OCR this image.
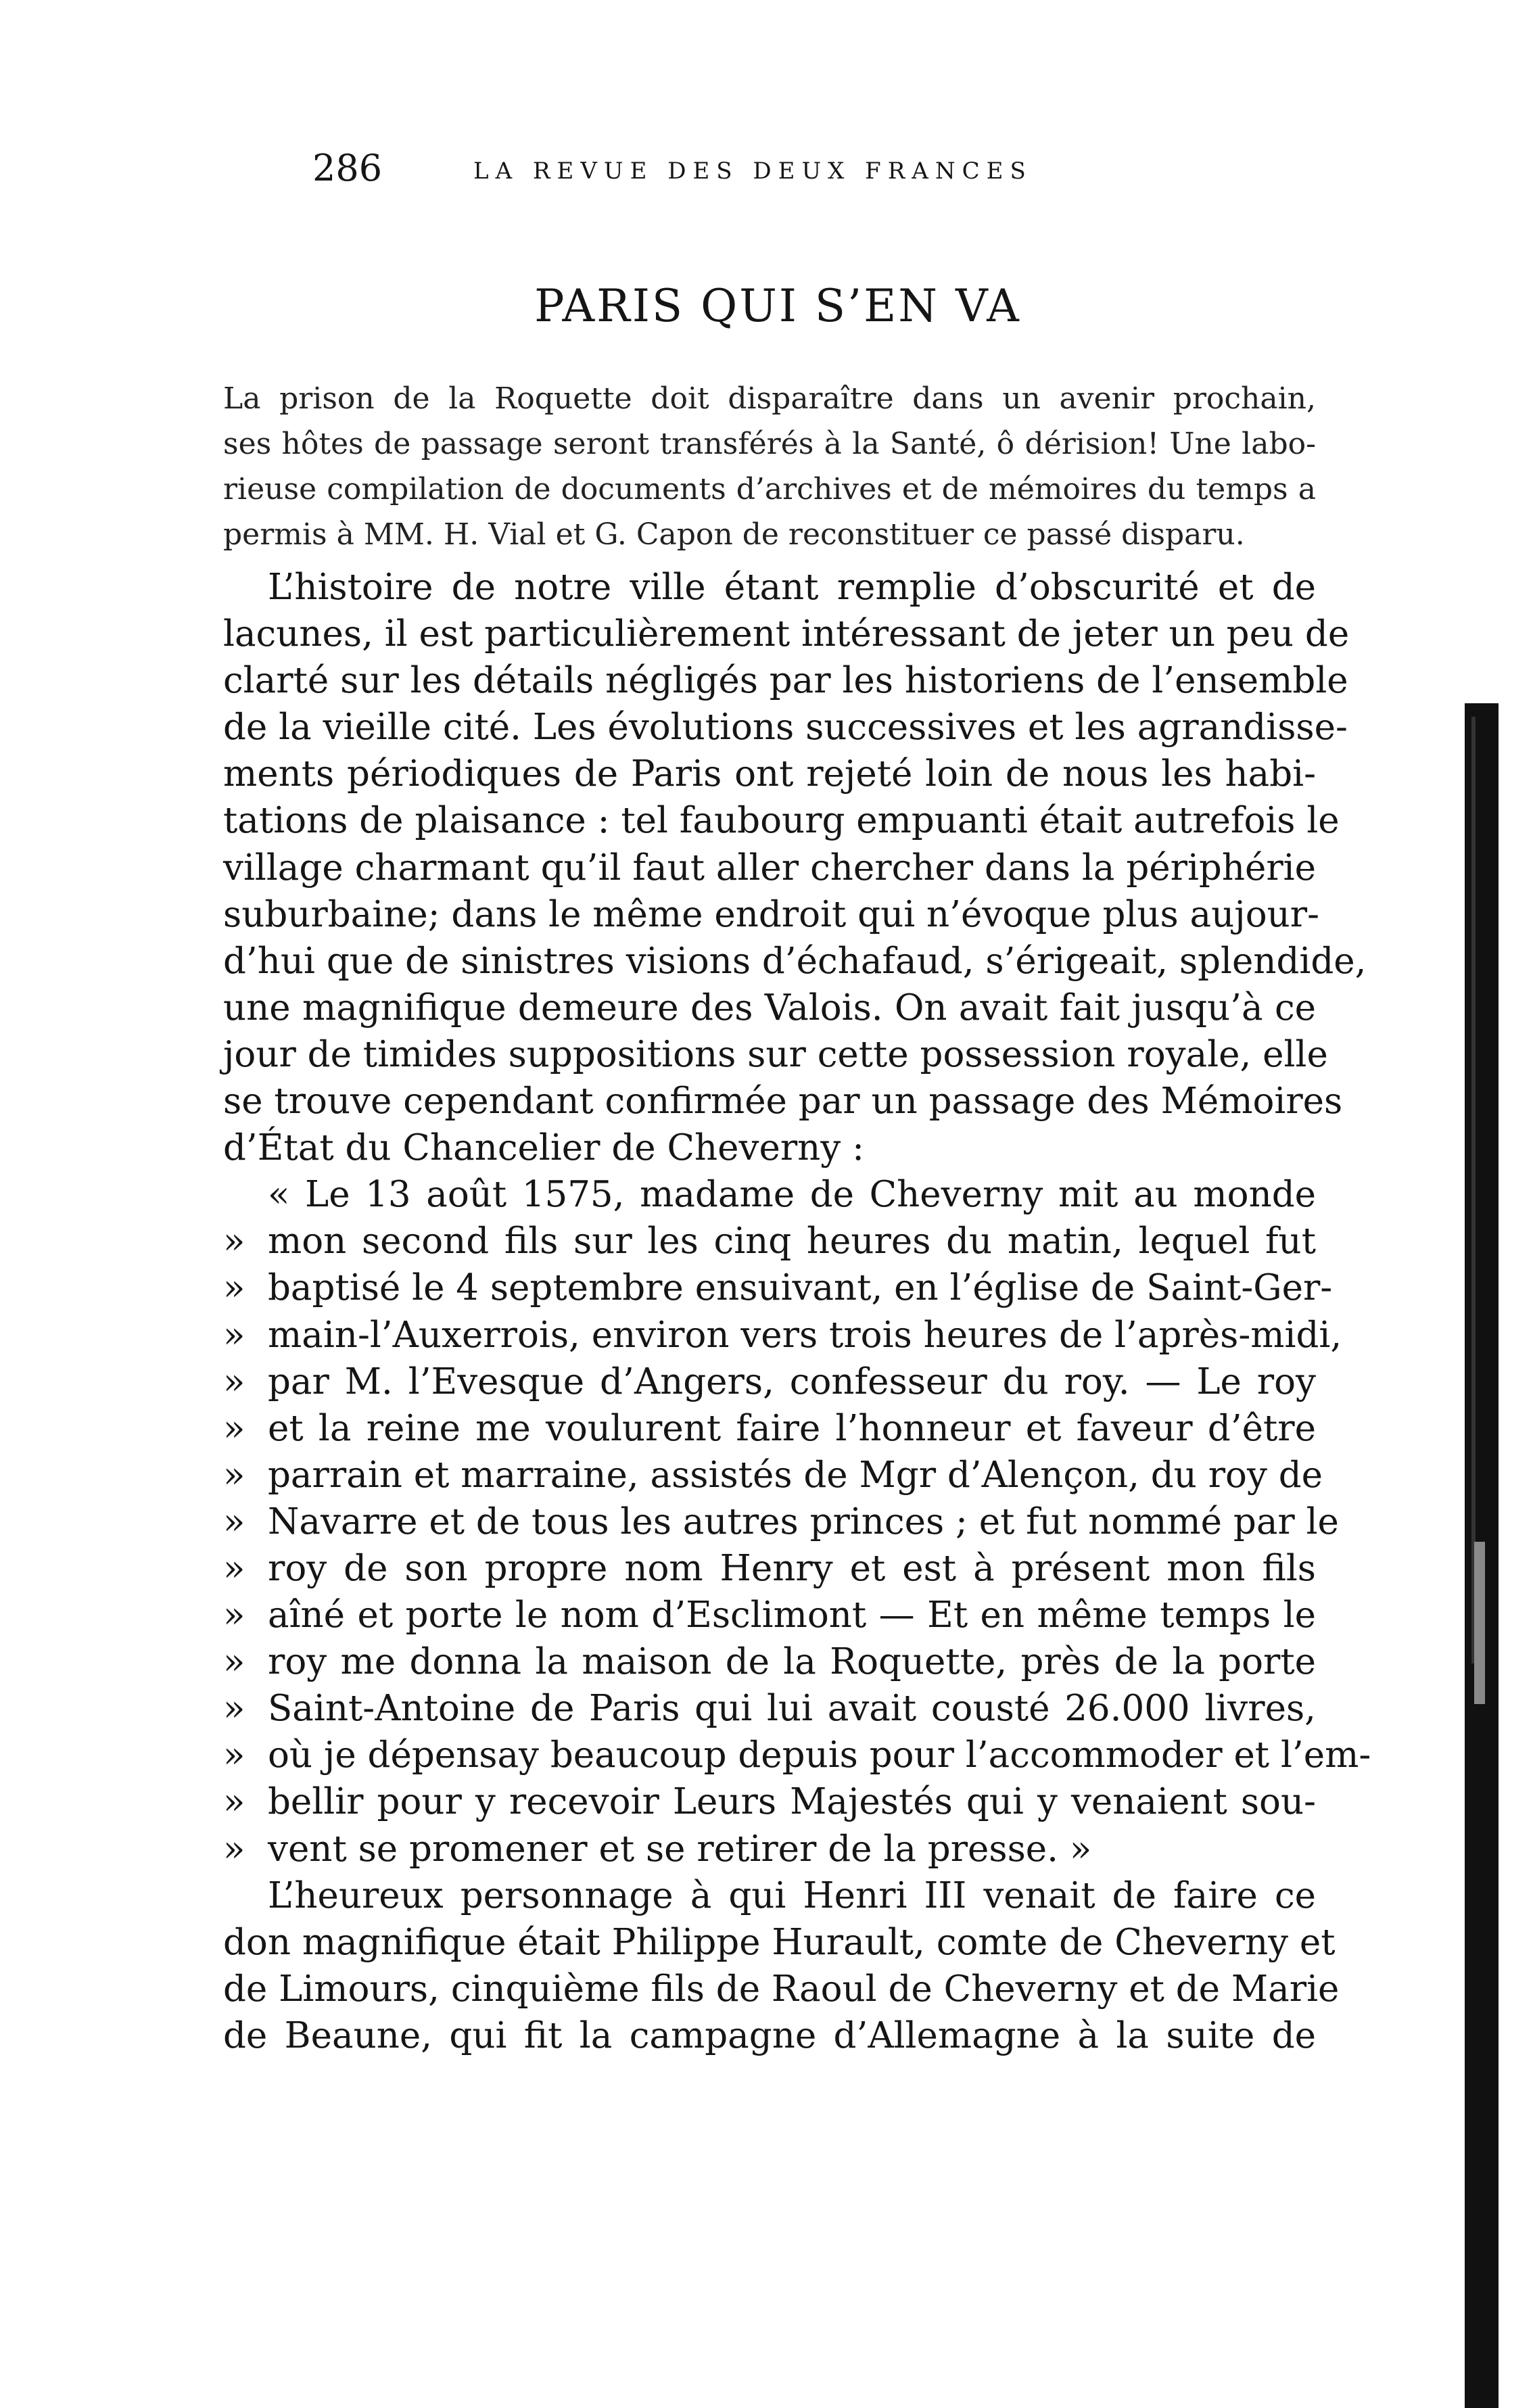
286	LA REVUE DES DEUX FRANCES
PARIS QUI S’EN VA
La prison de la Roquette doit disparaître dans un avenir prochain,
ses hôtes de passage seront transférés à la Santé, ô dérision! Une labo-
rieuse compilation de documents d’archives et de mémoires du temps a
permis à MM. H. Vial et G. Capon de reconstituer ce passé disparu.
L’histoire de notre ville étant remplie d’obscurité et de
lacunes, il est particulièrement intéressant de jeter un peu de
clarté sur les détails négligés par les historiens de l’ensemble
de la vieille cité. Les évolutions successives et les agrandisse-
ments périodiques de Paris ont rejeté loin de nous les habi-
tations de plaisance : tel faubourg empuanti était autrefois le
village charmant qu’il faut aller chercher dans la périphérie
suburbaine; dans le même endroit qui n’évoque plus aujour-
d’hui que de sinistres visions d’échafaud, s’érigeait, splendide,
une magnifique demeure des Valois. On avait fait jusqu’à ce
jour de timides suppositions sur cette possession royale, elle
se trouve cependant confirmée par un passage des Mémoires
d’État du Chancelier de Cheverny :
« Le 13 août 1575, madame de Cheverny mit au monde
» mon second fils sur les cinq heures du matin, lequel fut
» baptisé le 4 septembre ensuivant, en l’église de Saint-Ger-
» main-l’Auxerrois, environ vers trois heures de l’après-midi,
» par M. l’Evesque d’Angers, confesseur du roy. — Le roy
» et la reine me voulurent faire l’honneur et faveur d’être
» parrain et marraine, assistés de Mgr d’Alençon, du roy de
» Navarre et de tous les autres princes ; et fut nommé par le
» roy de son propre nom Henry et est à présent mon fils
» aîné et porte le nom d’Esclimont — Et en même temps le
» roy me donna la maison de la Roquette, près de la porte
» Saint-Antoine de Paris qui lui avait cousté 26.000 livres,
» où je dépensay beaucoup depuis pour l’accommoder et l’em-
» bellir pour y recevoir Leurs Majestés qui y venaient sou-
» vent se promener et se retirer de la presse. »
L’heureux personnage à qui Henri III venait de faire ce
don magnifique était Philippe Hurault, comte de Cheverny et
de Limours, cinquième fils de Raoul de Cheverny et de Marie
de Beaune, qui fit la campagne d’Allemagne à la suite de
